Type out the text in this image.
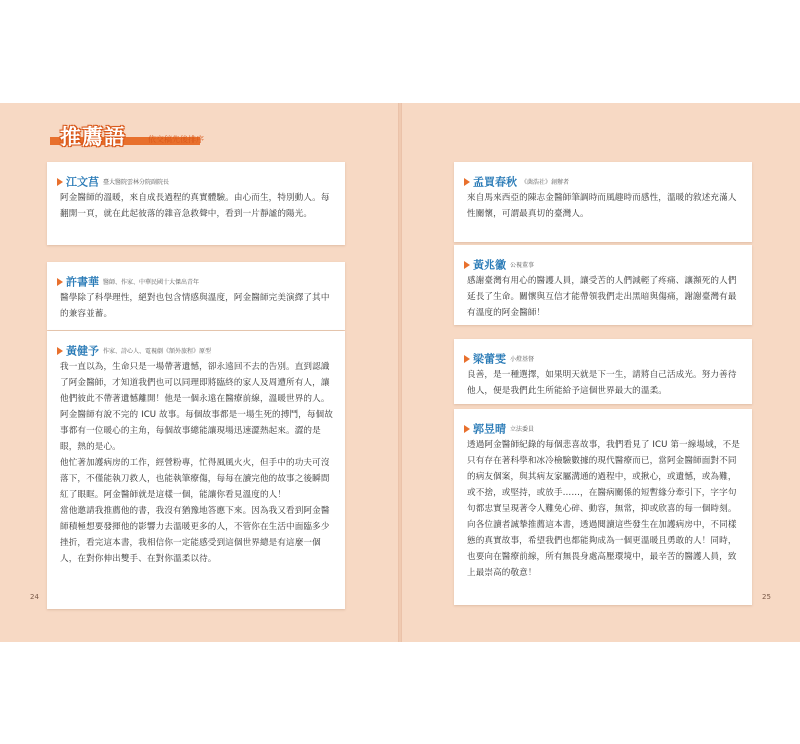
推薦語	依交稿先後排序
江文莒 臺大醫院雲林分院副院長

阿金醫師的溫暖，來自成長過程的真實體驗。由心而生，特別動人。每翻開一頁，就在此起彼落的雜音急救聲中，看到一片靜謐的陽光。

許書華 醫師、作家、中華民國十大傑出青年

醫學除了科學理性，絕對也包含情感與溫度，阿金醫師完美演繹了其中的兼容並蓄。

黃健予 作家、詩心人、電視劇《額外旅程》原型

我一直以為，生命只是一場帶著遺憾，卻永遠回不去的告別。直到認識了阿金醫師，才知道我們也可以同理即將臨終的家人及周遭所有人，讓他們彼此不帶著遺憾離開！他是一個永遠在醫療前線，溫暖世界的人。

阿金醫師有說不完的 ICU 故事。每個故事都是一場生死的搏鬥，每個故事都有一位暖心的主角，每個故事總能讓現場迅速澀熱起來。澀的是眼，熱的是心。

他忙著加護病房的工作，經營粉專，忙得風風火火，但手中的功夫可沒落下，不僅能執刀救人，也能執筆療傷，每每在讀完他的故事之後瞬間紅了眼眶。阿金醫師就是這樣一個，能讓你看見溫度的人！

當他邀請我推薦他的書，我沒有猶豫地答應下來。因為我又看到阿金醫師積極想要發揮他的影響力去溫暖更多的人，不管你在生活中面臨多少挫折，看完這本書，我相信你一定能感受到這個世界總是有這麼一個人，在對你伸出雙手、在對你溫柔以待。

孟買春秋 《菌浩社》創辦者

來自馬來西亞的陳志金醫師筆調時而風趣時而感性，溫暖的敘述充滿人性關懷，可謂最真切的臺灣人。

黃兆徽 公視董事

感謝臺灣有用心的醫護人員，讓受苦的人們減輕了疼痛、讓瀕死的人們延長了生命。關懷與互信才能帶領我們走出黑暗與傷痛，謝謝臺灣有最有溫度的阿金醫師！

梁蕾雯 小燈基督

良善，是一種選擇，如果明天就是下一生，請將自己活成光。努力善待他人，便是我們此生所能給予這個世界最大的溫柔。

郭昱晴 立法委員

透過阿金醫師紀錄的每個悲喜故事，我們看見了 ICU 第一線場域，不是只有存在著科學和冰冷檢驗數據的現代醫療而已，當阿金醫師面對不同的病友個案，與其病友家屬溝通的過程中，或揪心，或遺憾，或為難，或不捨，或堅持，或放手……，在醫病關係的短暫緣分牽引下，字字句句都忠實呈現著令人難免心碎、動容，無常，抑或欣喜的每一個時刻。

向各位讀者誠摯推薦這本書，透過閱讀這些發生在加護病房中，不同樣態的真實故事，希望我們也都能夠成為一個更溫暖且勇敢的人！同時，也要向在醫療前線，所有無畏身處高壓環境中，最辛苦的醫護人員，致上最崇高的敬意！

24	25
